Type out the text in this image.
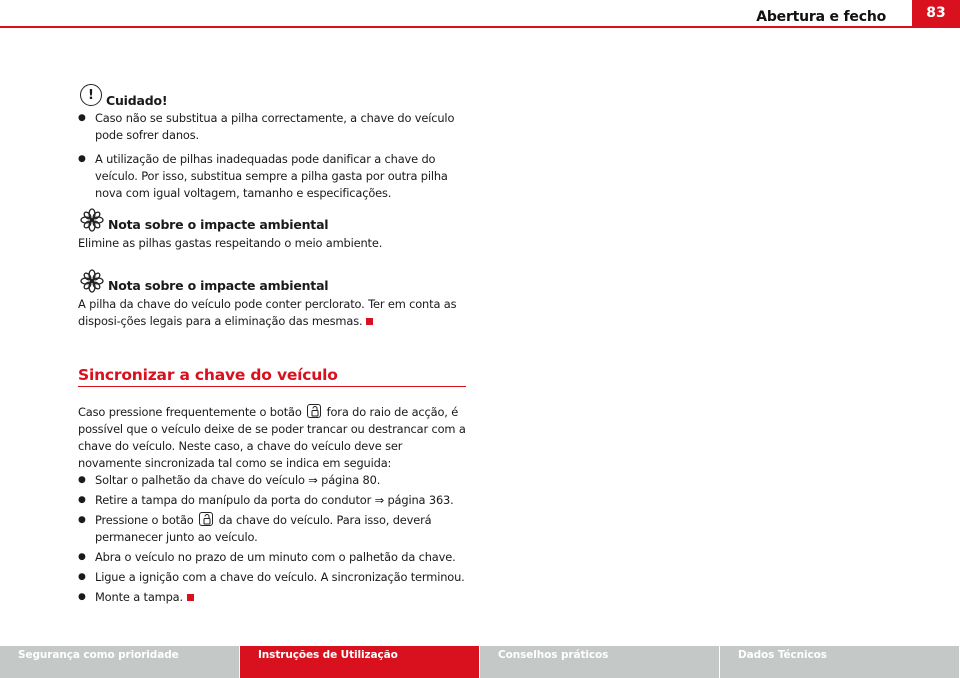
Abertura e fecho	83
! Cuidado!
● Caso não se substitua a pilha correctamente, a chave do veículo pode sofrer danos.
● A utilização de pilhas inadequadas pode danificar a chave do veículo. Por isso, substitua sempre a pilha gasta por outra pilha nova com igual voltagem, tamanho e especificações.
Nota sobre o impacte ambiental
Elimine as pilhas gastas respeitando o meio ambiente.
Nota sobre o impacte ambiental
A pilha da chave do veículo pode conter perclorato. Ter em conta as disposi-ções legais para a eliminação das mesmas.
Sincronizar a chave do veículo
Caso pressione frequentemente o botão fora do raio de acção, é possível que o veículo deixe de se poder trancar ou destrancar com a chave do veículo. Neste caso, a chave do veículo deve ser novamente sincronizada tal como se indica em seguida:
● Soltar o palhetão da chave do veículo ⇒ página 80.
● Retire a tampa do manípulo da porta do condutor ⇒ página 363.
● Pressione o botão da chave do veículo. Para isso, deverá permanecer junto ao veículo.
● Abra o veículo no prazo de um minuto com o palhetão da chave.
● Ligue a ignição com a chave do veículo. A sincronização terminou.
● Monte a tampa.
Segurança como prioridade	Instruções de Utilização	Conselhos práticos	Dados Técnicos
